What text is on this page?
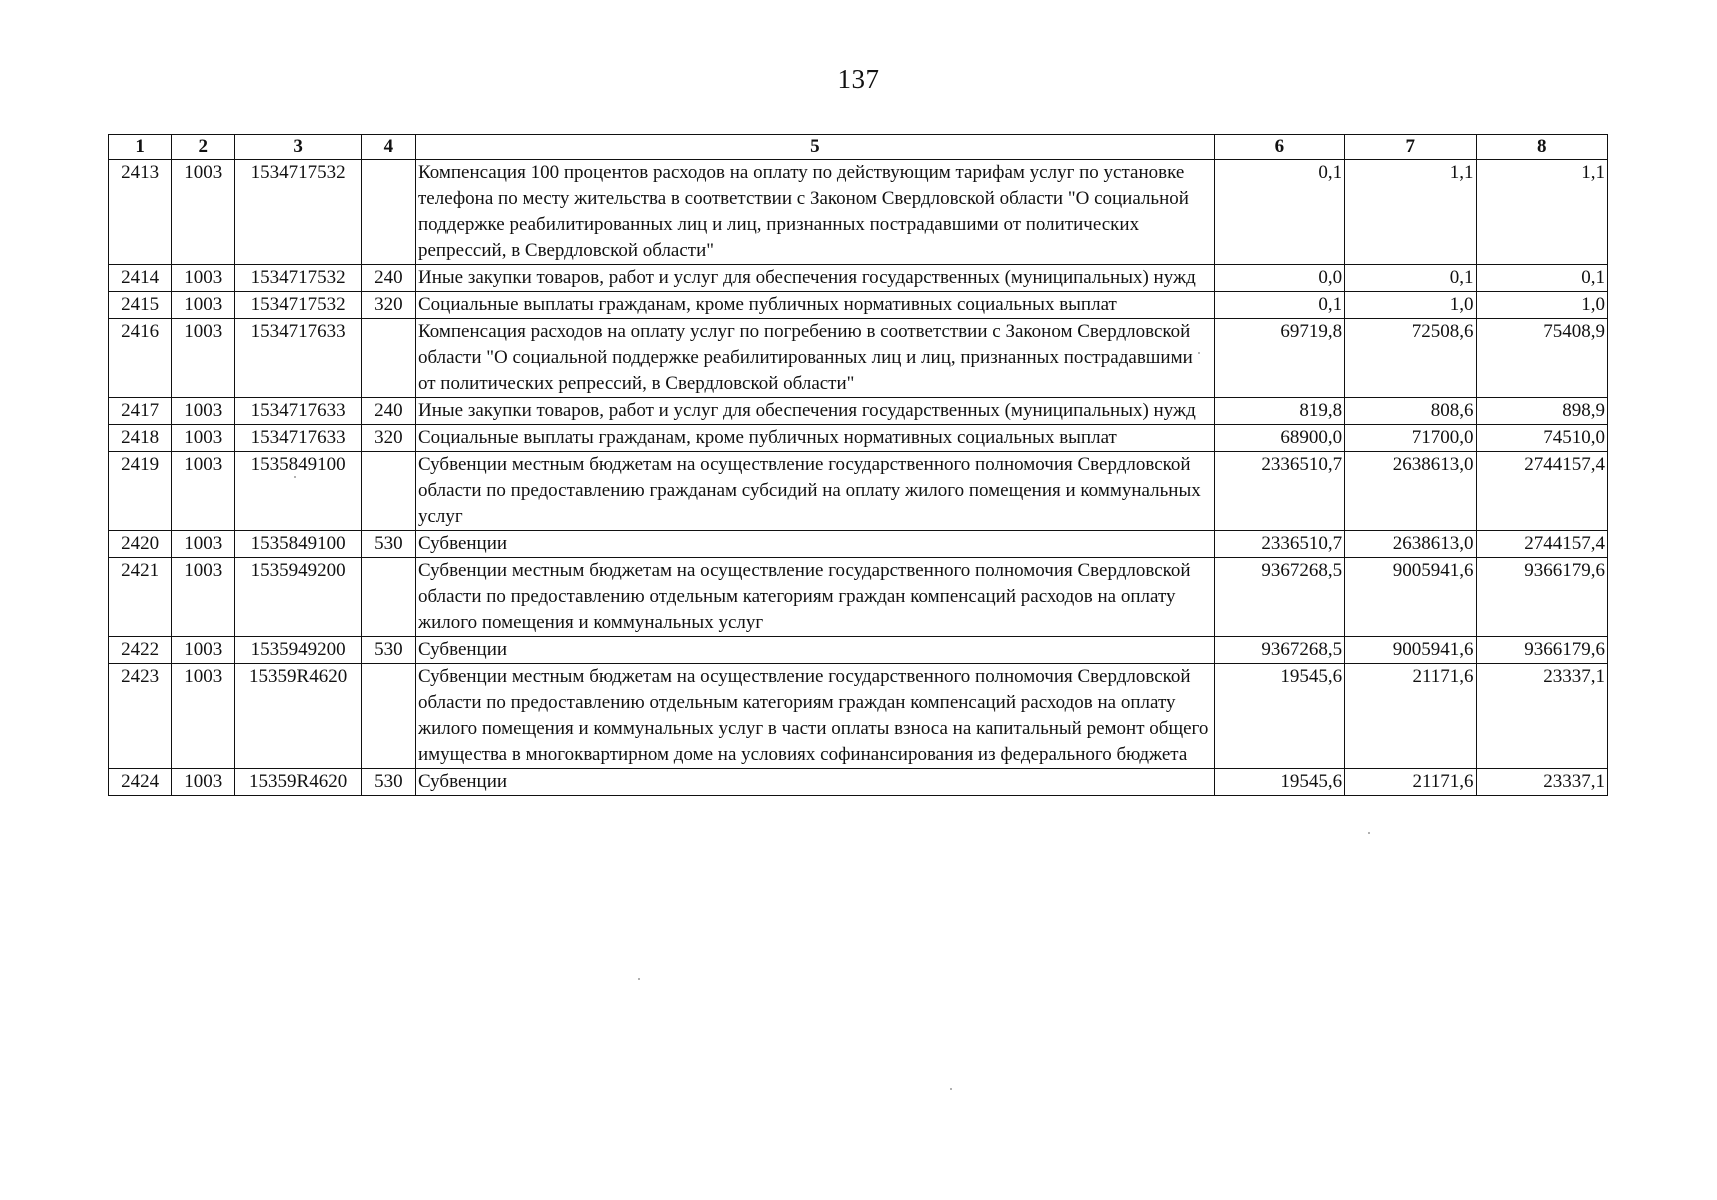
137
1	2	3	4	5	6	7	8
2413	1003	1534717532		Компенсация 100 процентов расходов на оплату по действующим тарифам услуг по установке телефона по месту жительства в соответствии с Законом Свердловской области "О социальной поддержке реабилитированных лиц и лиц, признанных пострадавшими от политических репрессий, в Свердловской области"	0,1	1,1	1,1
2414	1003	1534717532	240	Иные закупки товаров, работ и услуг для обеспечения государственных (муниципальных) нужд	0,0	0,1	0,1
2415	1003	1534717532	320	Социальные выплаты гражданам, кроме публичных нормативных социальных выплат	0,1	1,0	1,0
2416	1003	1534717633		Компенсация расходов на оплату услуг по погребению в соответствии с Законом Свердловской области "О социальной поддержке реабилитированных лиц и лиц, признанных пострадавшими от политических репрессий, в Свердловской области"	69719,8	72508,6	75408,9
2417	1003	1534717633	240	Иные закупки товаров, работ и услуг для обеспечения государственных (муниципальных) нужд	819,8	808,6	898,9
2418	1003	1534717633	320	Социальные выплаты гражданам, кроме публичных нормативных социальных выплат	68900,0	71700,0	74510,0
2419	1003	1535849100		Субвенции местным бюджетам на осуществление государственного полномочия Свердловской области по предоставлению гражданам субсидий на оплату жилого помещения и коммунальных услуг	2336510,7	2638613,0	2744157,4
2420	1003	1535849100	530	Субвенции	2336510,7	2638613,0	2744157,4
2421	1003	1535949200		Субвенции местным бюджетам на осуществление государственного полномочия Свердловской области по предоставлению отдельным категориям граждан компенсаций расходов на оплату жилого помещения и коммунальных услуг	9367268,5	9005941,6	9366179,6
2422	1003	1535949200	530	Субвенции	9367268,5	9005941,6	9366179,6
2423	1003	15359R4620		Субвенции местным бюджетам на осуществление государственного полномочия Свердловской области по предоставлению отдельным категориям граждан компенсаций расходов на оплату жилого помещения и коммунальных услуг в части оплаты взноса на капитальный ремонт общего имущества в многоквартирном доме на условиях софинансирования из федерального бюджета	19545,6	21171,6	23337,1
2424	1003	15359R4620	530	Субвенции	19545,6	21171,6	23337,1
